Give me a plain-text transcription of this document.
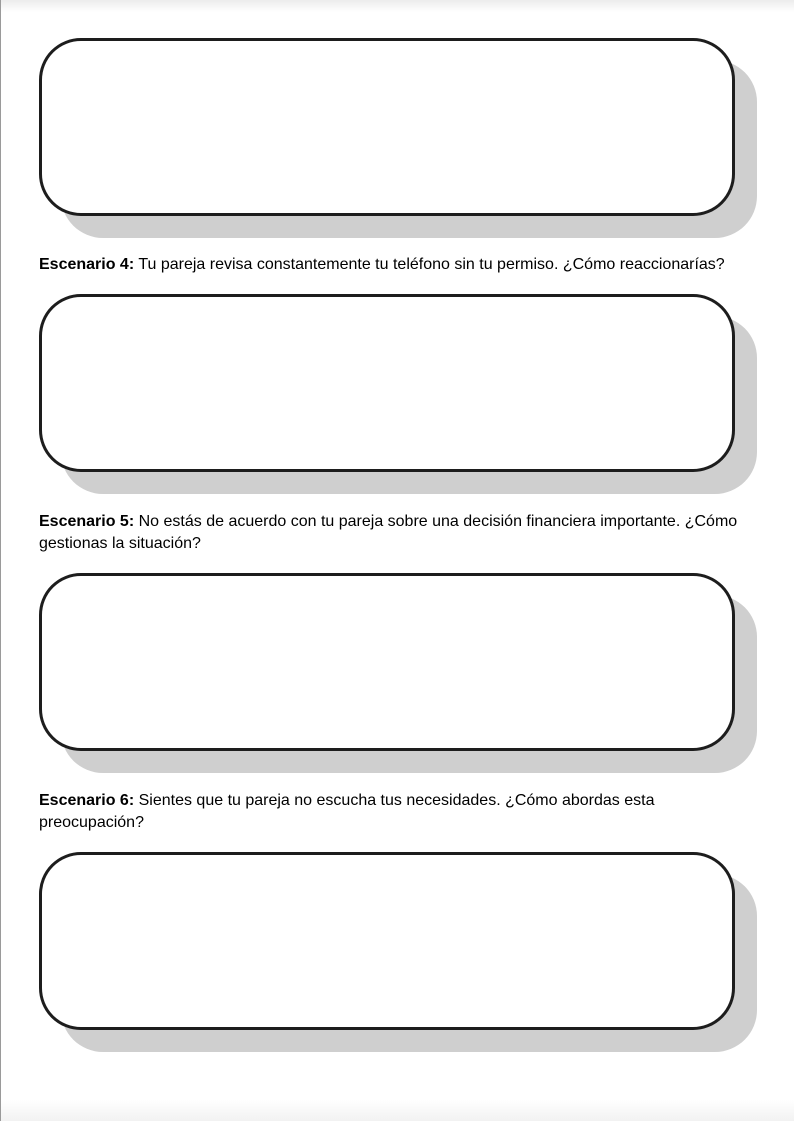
Escenario 4: Tu pareja revisa constantemente tu teléfono sin tu permiso. ¿Cómo reaccionarías?
Escenario 5: No estás de acuerdo con tu pareja sobre una decisión financiera importante. ¿Cómo gestionas la situación?
Escenario 6: Sientes que tu pareja no escucha tus necesidades. ¿Cómo abordas esta preocupación?
